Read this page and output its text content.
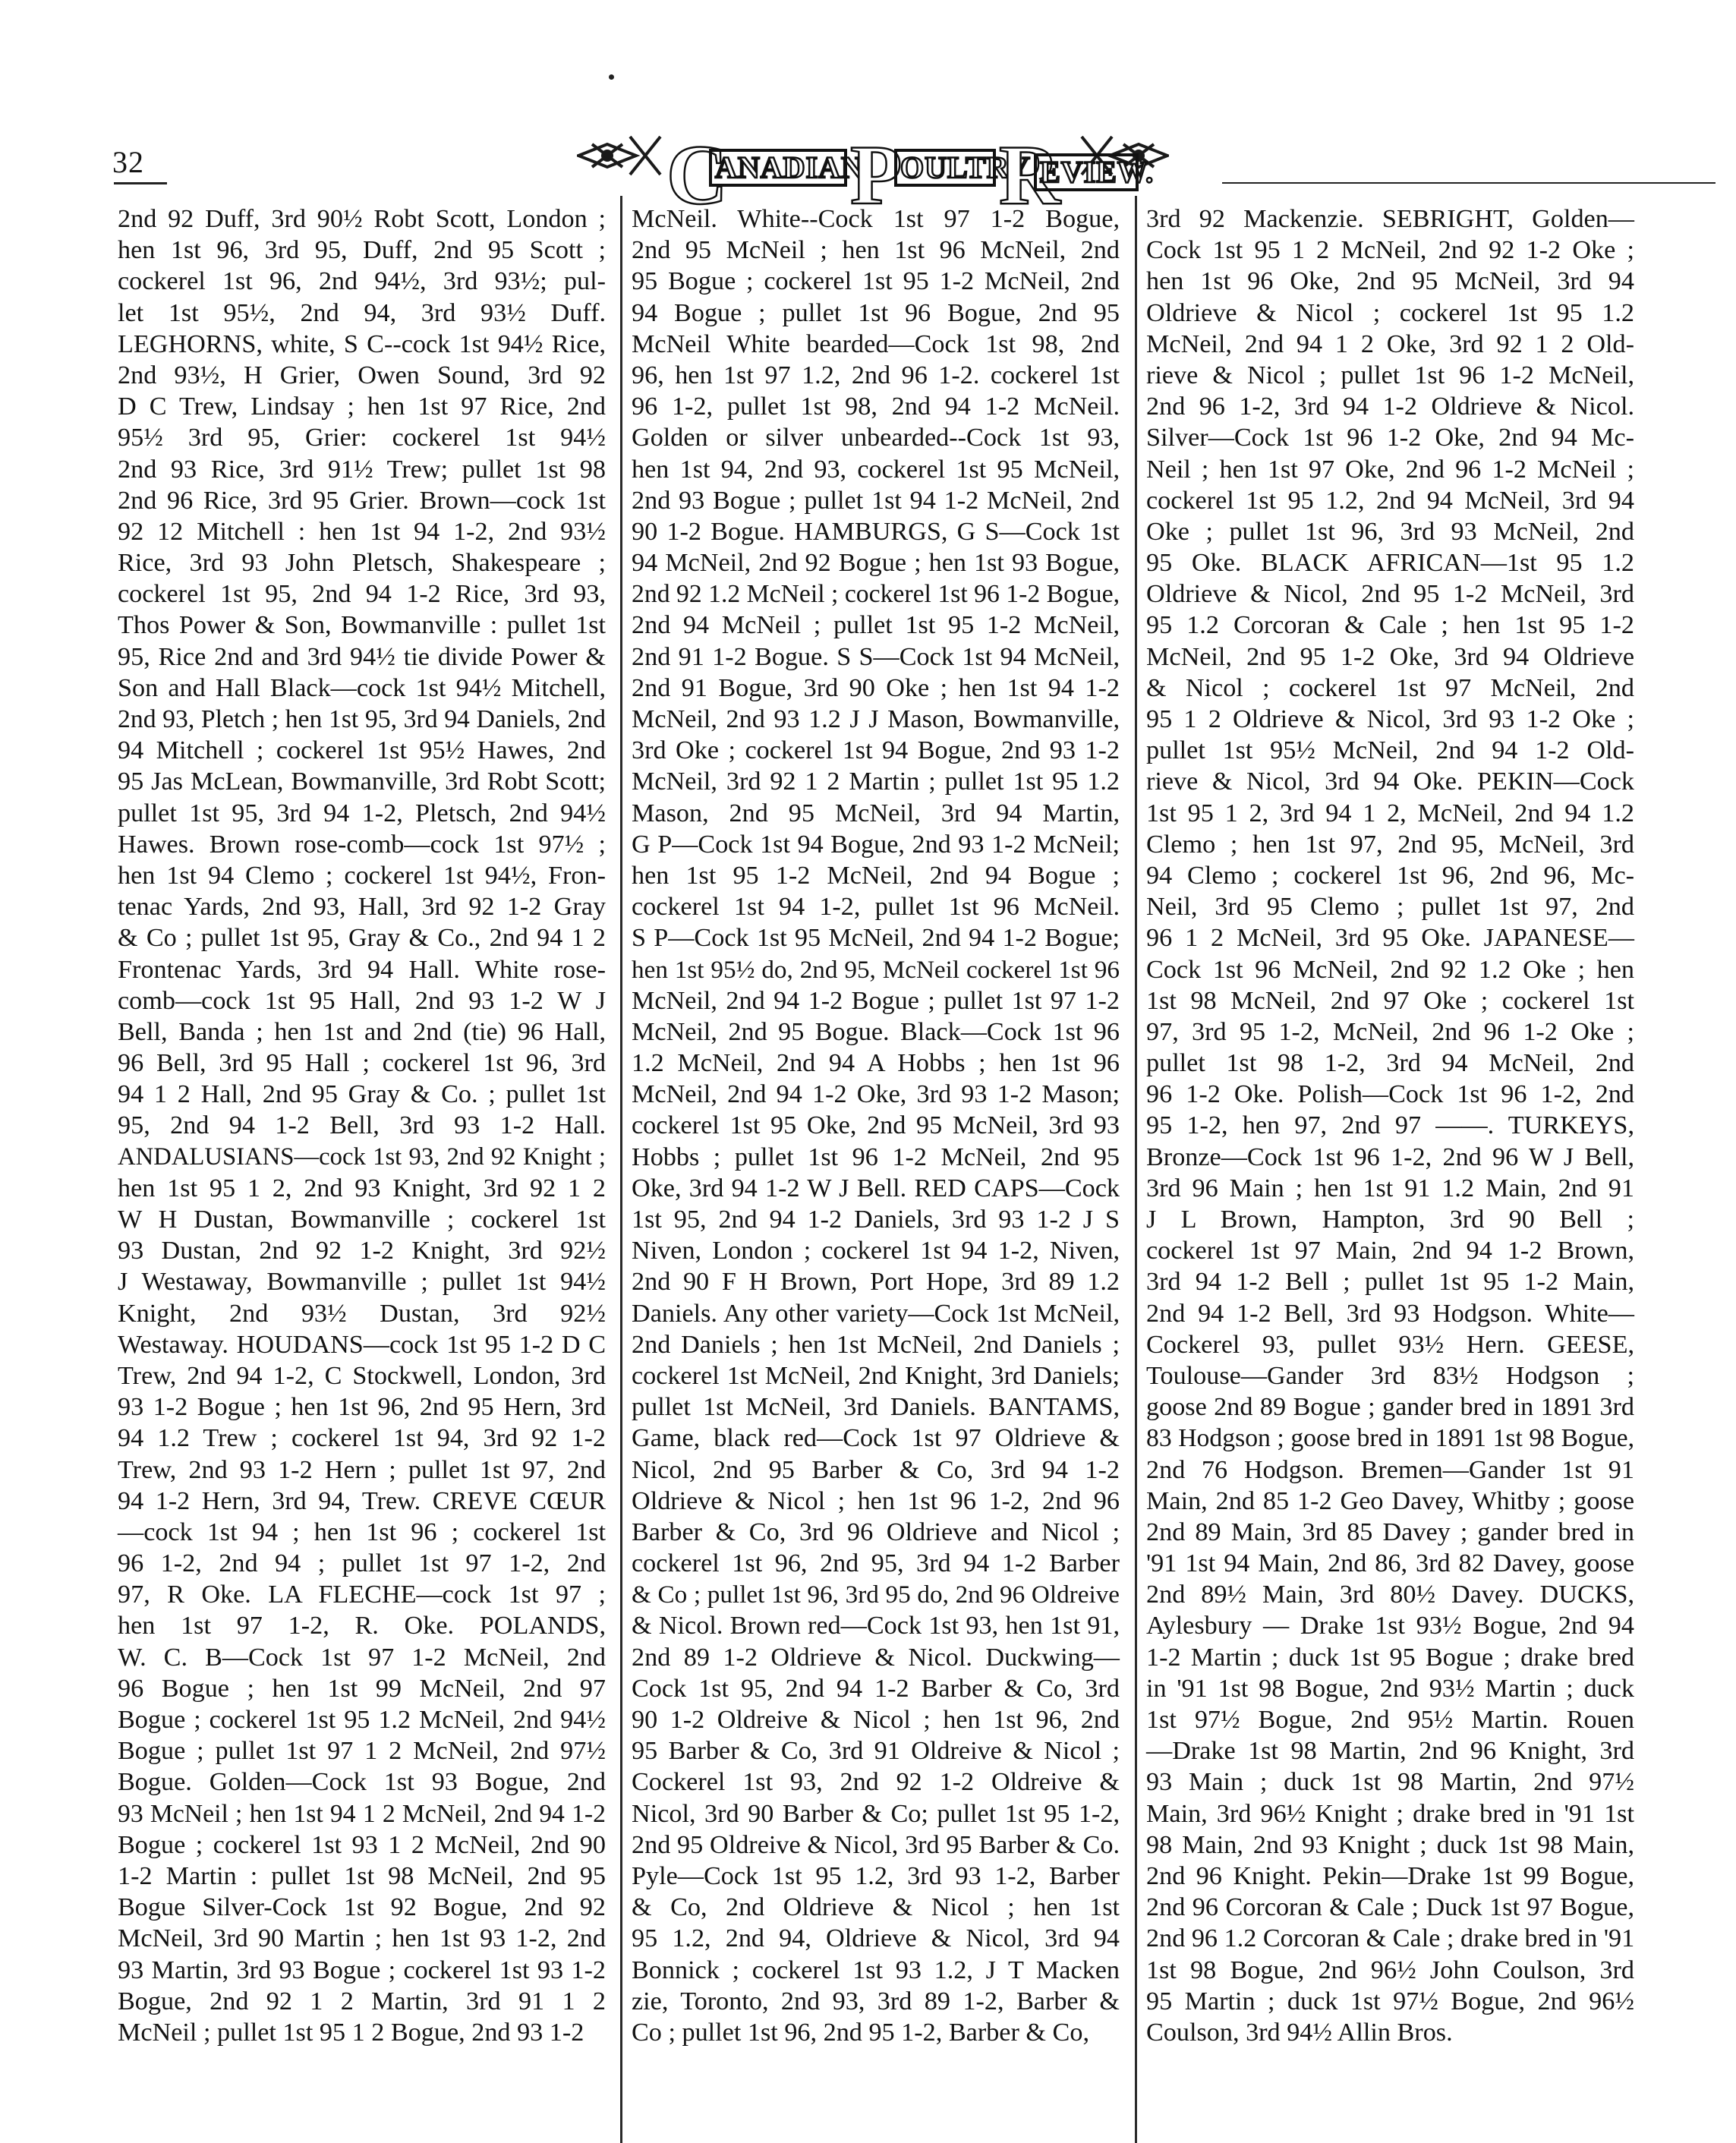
32	C
ANADIAN
P
OULTRY
R
EVIEW.
2nd 92 Duff, 3rd 90½ Robt Scott, London ;
hen 1st 96, 3rd 95, Duff, 2nd 95 Scott ;
cockerel 1st 96, 2nd 94½, 3rd 93½; pul-
let 1st 95½, 2nd 94, 3rd 93½ Duff.
LEGHORNS, white, S C--cock 1st 94½ Rice,
2nd 93½, H Grier, Owen Sound, 3rd 92
D C Trew, Lindsay ; hen 1st 97 Rice, 2nd
95½ 3rd 95, Grier: cockerel 1st 94½
2nd 93 Rice, 3rd 91½ Trew; pullet 1st 98
2nd 96 Rice, 3rd 95 Grier. Brown—cock 1st
92 12 Mitchell : hen 1st 94 1-2, 2nd 93½
Rice, 3rd 93 John Pletsch, Shakespeare ;
cockerel 1st 95, 2nd 94 1-2 Rice, 3rd 93,
Thos Power & Son, Bowmanville : pullet 1st
95, Rice 2nd and 3rd 94½ tie divide Power &
Son and Hall Black—cock 1st 94½ Mitchell,
2nd 93, Pletch ; hen 1st 95, 3rd 94 Daniels, 2nd
94 Mitchell ; cockerel 1st 95½ Hawes, 2nd
95 Jas McLean, Bowmanville, 3rd Robt Scott;
pullet 1st 95, 3rd 94 1-2, Pletsch, 2nd 94½
Hawes. Brown rose-comb—cock 1st 97½ ;
hen 1st 94 Clemo ; cockerel 1st 94½, Fron-
tenac Yards, 2nd 93, Hall, 3rd 92 1-2 Gray
& Co ; pullet 1st 95, Gray & Co., 2nd 94 1 2
Frontenac Yards, 3rd 94 Hall. White rose-
comb—cock 1st 95 Hall, 2nd 93 1-2 W J
Bell, Banda ; hen 1st and 2nd (tie) 96 Hall,
96 Bell, 3rd 95 Hall ; cockerel 1st 96, 3rd
94 1 2 Hall, 2nd 95 Gray & Co. ; pullet 1st
95, 2nd 94 1-2 Bell, 3rd 93 1-2 Hall.
ANDALUSIANS—cock 1st 93, 2nd 92 Knight ;
hen 1st 95 1 2, 2nd 93 Knight, 3rd 92 1 2
W H Dustan, Bowmanville ; cockerel 1st
93 Dustan, 2nd 92 1-2 Knight, 3rd 92½
J Westaway, Bowmanville ; pullet 1st 94½
Knight, 2nd 93½ Dustan, 3rd 92½
Westaway. HOUDANS—cock 1st 95 1-2 D C
Trew, 2nd 94 1-2, C Stockwell, London, 3rd
93 1-2 Bogue ; hen 1st 96, 2nd 95 Hern, 3rd
94 1.2 Trew ; cockerel 1st 94, 3rd 92 1-2
Trew, 2nd 93 1-2 Hern ; pullet 1st 97, 2nd
94 1-2 Hern, 3rd 94, Trew. CREVE CŒUR
—cock 1st 94 ; hen 1st 96 ; cockerel 1st
96 1-2, 2nd 94 ; pullet 1st 97 1-2, 2nd
97, R Oke. LA FLECHE—cock 1st 97 ;
hen 1st 97 1-2, R. Oke. POLANDS,
W. C. B—Cock 1st 97 1-2 McNeil, 2nd
96 Bogue ; hen 1st 99 McNeil, 2nd 97
Bogue ; cockerel 1st 95 1.2 McNeil, 2nd 94½
Bogue ; pullet 1st 97 1 2 McNeil, 2nd 97½
Bogue. Golden—Cock 1st 93 Bogue, 2nd
93 McNeil ; hen 1st 94 1 2 McNeil, 2nd 94 1-2
Bogue ; cockerel 1st 93 1 2 McNeil, 2nd 90
1-2 Martin : pullet 1st 98 McNeil, 2nd 95
Bogue Silver-Cock 1st 92 Bogue, 2nd 92
McNeil, 3rd 90 Martin ; hen 1st 93 1-2, 2nd
93 Martin, 3rd 93 Bogue ; cockerel 1st 93 1-2
Bogue, 2nd 92 1 2 Martin, 3rd 91 1 2
McNeil ; pullet 1st 95 1 2 Bogue, 2nd 93 1-2
McNeil. White--Cock 1st 97 1-2 Bogue,
2nd 95 McNeil ; hen 1st 96 McNeil, 2nd
95 Bogue ; cockerel 1st 95 1-2 McNeil, 2nd
94 Bogue ; pullet 1st 96 Bogue, 2nd 95
McNeil White bearded—Cock 1st 98, 2nd
96, hen 1st 97 1.2, 2nd 96 1-2. cockerel 1st
96 1-2, pullet 1st 98, 2nd 94 1-2 McNeil.
Golden or silver unbearded--Cock 1st 93,
hen 1st 94, 2nd 93, cockerel 1st 95 McNeil,
2nd 93 Bogue ; pullet 1st 94 1-2 McNeil, 2nd
90 1-2 Bogue. HAMBURGS, G S—Cock 1st
94 McNeil, 2nd 92 Bogue ; hen 1st 93 Bogue,
2nd 92 1.2 McNeil ; cockerel 1st 96 1-2 Bogue,
2nd 94 McNeil ; pullet 1st 95 1-2 McNeil,
2nd 91 1-2 Bogue. S S—Cock 1st 94 McNeil,
2nd 91 Bogue, 3rd 90 Oke ; hen 1st 94 1-2
McNeil, 2nd 93 1.2 J J Mason, Bowmanville,
3rd Oke ; cockerel 1st 94 Bogue, 2nd 93 1-2
McNeil, 3rd 92 1 2 Martin ; pullet 1st 95 1.2
Mason, 2nd 95 McNeil, 3rd 94 Martin,
G P—Cock 1st 94 Bogue, 2nd 93 1-2 McNeil;
hen 1st 95 1-2 McNeil, 2nd 94 Bogue ;
cockerel 1st 94 1-2, pullet 1st 96 McNeil.
S P—Cock 1st 95 McNeil, 2nd 94 1-2 Bogue;
hen 1st 95½ do, 2nd 95, McNeil cockerel 1st 96
McNeil, 2nd 94 1-2 Bogue ; pullet 1st 97 1-2
McNeil, 2nd 95 Bogue. Black—Cock 1st 96
1.2 McNeil, 2nd 94 A Hobbs ; hen 1st 96
McNeil, 2nd 94 1-2 Oke, 3rd 93 1-2 Mason;
cockerel 1st 95 Oke, 2nd 95 McNeil, 3rd 93
Hobbs ; pullet 1st 96 1-2 McNeil, 2nd 95
Oke, 3rd 94 1-2 W J Bell. RED CAPS—Cock
1st 95, 2nd 94 1-2 Daniels, 3rd 93 1-2 J S
Niven, London ; cockerel 1st 94 1-2, Niven,
2nd 90 F H Brown, Port Hope, 3rd 89 1.2
Daniels. Any other variety—Cock 1st McNeil,
2nd Daniels ; hen 1st McNeil, 2nd Daniels ;
cockerel 1st McNeil, 2nd Knight, 3rd Daniels;
pullet 1st McNeil, 3rd Daniels. BANTAMS,
Game, black red—Cock 1st 97 Oldrieve &
Nicol, 2nd 95 Barber & Co, 3rd 94 1-2
Oldrieve & Nicol ; hen 1st 96 1-2, 2nd 96
Barber & Co, 3rd 96 Oldrieve and Nicol ;
cockerel 1st 96, 2nd 95, 3rd 94 1-2 Barber
& Co ; pullet 1st 96, 3rd 95 do, 2nd 96 Oldreive
& Nicol. Brown red—Cock 1st 93, hen 1st 91,
2nd 89 1-2 Oldrieve & Nicol. Duckwing—
Cock 1st 95, 2nd 94 1-2 Barber & Co, 3rd
90 1-2 Oldreive & Nicol ; hen 1st 96, 2nd
95 Barber & Co, 3rd 91 Oldreive & Nicol ;
Cockerel 1st 93, 2nd 92 1-2 Oldreive &
Nicol, 3rd 90 Barber & Co; pullet 1st 95 1-2,
2nd 95 Oldreive & Nicol, 3rd 95 Barber & Co.
Pyle—Cock 1st 95 1.2, 3rd 93 1-2, Barber
& Co, 2nd Oldrieve & Nicol ; hen 1st
95 1.2, 2nd 94, Oldrieve & Nicol, 3rd 94
Bonnick ; cockerel 1st 93 1.2, J T Macken
zie, Toronto, 2nd 93, 3rd 89 1-2, Barber &
Co ; pullet 1st 96, 2nd 95 1-2, Barber & Co,
3rd 92 Mackenzie. SEBRIGHT, Golden—
Cock 1st 95 1 2 McNeil, 2nd 92 1-2 Oke ;
hen 1st 96 Oke, 2nd 95 McNeil, 3rd 94
Oldrieve & Nicol ; cockerel 1st 95 1.2
McNeil, 2nd 94 1 2 Oke, 3rd 92 1 2 Old-
rieve & Nicol ; pullet 1st 96 1-2 McNeil,
2nd 96 1-2, 3rd 94 1-2 Oldrieve & Nicol.
Silver—Cock 1st 96 1-2 Oke, 2nd 94 Mc-
Neil ; hen 1st 97 Oke, 2nd 96 1-2 McNeil ;
cockerel 1st 95 1.2, 2nd 94 McNeil, 3rd 94
Oke ; pullet 1st 96, 3rd 93 McNeil, 2nd
95 Oke. BLACK AFRICAN—1st 95 1.2
Oldrieve & Nicol, 2nd 95 1-2 McNeil, 3rd
95 1.2 Corcoran & Cale ; hen 1st 95 1-2
McNeil, 2nd 95 1-2 Oke, 3rd 94 Oldrieve
& Nicol ; cockerel 1st 97 McNeil, 2nd
95 1 2 Oldrieve & Nicol, 3rd 93 1-2 Oke ;
pullet 1st 95½ McNeil, 2nd 94 1-2 Old-
rieve & Nicol, 3rd 94 Oke. PEKIN—Cock
1st 95 1 2, 3rd 94 1 2, McNeil, 2nd 94 1.2
Clemo ; hen 1st 97, 2nd 95, McNeil, 3rd
94 Clemo ; cockerel 1st 96, 2nd 96, Mc-
Neil, 3rd 95 Clemo ; pullet 1st 97, 2nd
96 1 2 McNeil, 3rd 95 Oke. JAPANESE—
Cock 1st 96 McNeil, 2nd 92 1.2 Oke ; hen
1st 98 McNeil, 2nd 97 Oke ; cockerel 1st
97, 3rd 95 1-2, McNeil, 2nd 96 1-2 Oke ;
pullet 1st 98 1-2, 3rd 94 McNeil, 2nd
96 1-2 Oke. Polish—Cock 1st 96 1-2, 2nd
95 1-2, hen 97, 2nd 97 ——. TURKEYS,
Bronze—Cock 1st 96 1-2, 2nd 96 W J Bell,
3rd 96 Main ; hen 1st 91 1.2 Main, 2nd 91
J L Brown, Hampton, 3rd 90 Bell ;
cockerel 1st 97 Main, 2nd 94 1-2 Brown,
3rd 94 1-2 Bell ; pullet 1st 95 1-2 Main,
2nd 94 1-2 Bell, 3rd 93 Hodgson. White—
Cockerel 93, pullet 93½ Hern. GEESE,
Toulouse—Gander 3rd 83½ Hodgson ;
goose 2nd 89 Bogue ; gander bred in 1891 3rd
83 Hodgson ; goose bred in 1891 1st 98 Bogue,
2nd 76 Hodgson. Bremen—Gander 1st 91
Main, 2nd 85 1-2 Geo Davey, Whitby ; goose
2nd 89 Main, 3rd 85 Davey ; gander bred in
'91 1st 94 Main, 2nd 86, 3rd 82 Davey, goose
2nd 89½ Main, 3rd 80½ Davey. DUCKS,
Aylesbury — Drake 1st 93½ Bogue, 2nd 94
1-2 Martin ; duck 1st 95 Bogue ; drake bred
in '91 1st 98 Bogue, 2nd 93½ Martin ; duck
1st 97½ Bogue, 2nd 95½ Martin. Rouen
—Drake 1st 98 Martin, 2nd 96 Knight, 3rd
93 Main ; duck 1st 98 Martin, 2nd 97½
Main, 3rd 96½ Knight ; drake bred in '91 1st
98 Main, 2nd 93 Knight ; duck 1st 98 Main,
2nd 96 Knight. Pekin—Drake 1st 99 Bogue,
2nd 96 Corcoran & Cale ; Duck 1st 97 Bogue,
2nd 96 1.2 Corcoran & Cale ; drake bred in '91
1st 98 Bogue, 2nd 96½ John Coulson, 3rd
95 Martin ; duck 1st 97½ Bogue, 2nd 96½
Coulson, 3rd 94½ Allin Bros.
